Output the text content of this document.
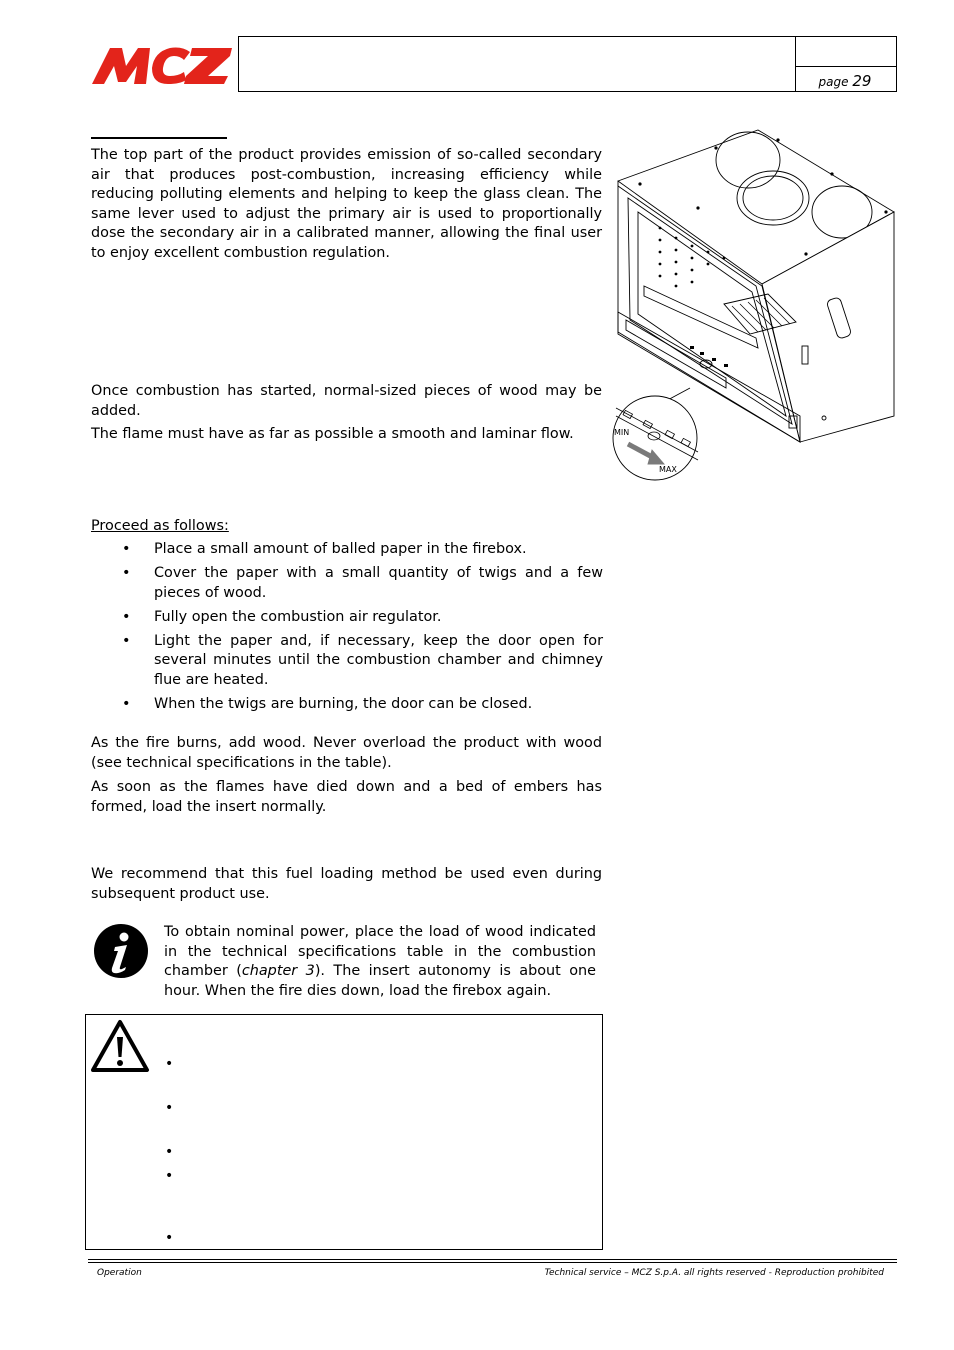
page 29
The top part of the product provides emission of so-called secondary air that produces post-combustion, increasing efficiency while reducing polluting elements and helping to keep the glass clean. The same lever used to adjust the primary air is used to proportionally dose the secondary air in a calibrated manner, allowing the final user to enjoy excellent combustion regulation.
Once combustion has started, normal-sized pieces of wood may be added.
The flame must have as far as possible a smooth and laminar flow.	MIN
MAX
Proceed as follows:
• Place a small amount of balled paper in the firebox.
• Cover the paper with a small quantity of twigs and a few pieces of wood.
• Fully open the combustion air regulator.
• Light the paper and, if necessary, keep the door open for several minutes until the combustion chamber and chimney flue are heated.
• When the twigs are burning, the door can be closed.
As the fire burns, add wood. Never overload the product with wood (see technical specifications in the table).
As soon as the flames have died down and a bed of embers has formed, load the insert normally.
We recommend that this fuel loading method be used even during subsequent product use.
To obtain nominal power, place the load of wood indicated in the technical specifications table in the combustion chamber (chapter 3). The insert autonomy is about one hour. When the fire dies down, load the firebox again.
•
•
•
•
•
Operation	Technical service – MCZ S.p.A. all rights reserved - Reproduction prohibited
